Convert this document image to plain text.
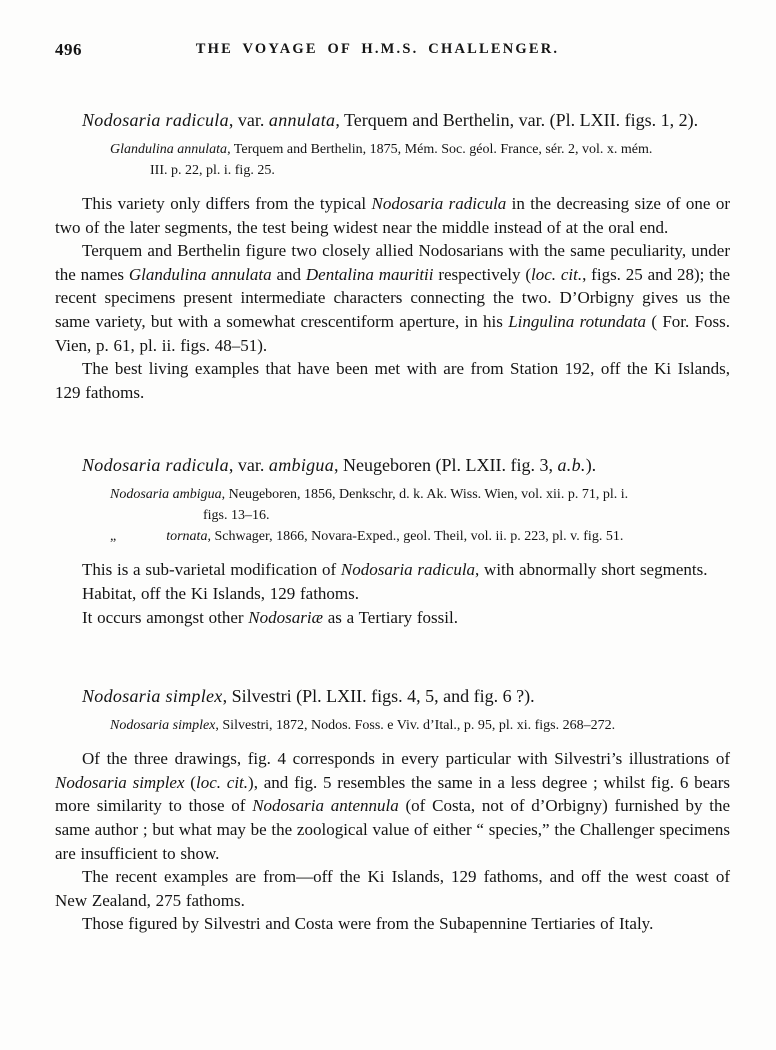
496	THE VOYAGE OF H.M.S. CHALLENGER.
Nodosaria radicula, var. annulata, Terquem and Berthelin, var. (Pl. LXII. figs. 1, 2).
Glandulina annulata, Terquem and Berthelin, 1875, Mém. Soc. géol. France, sér. 2, vol. x. mém.
III. p. 22, pl. i. fig. 25.

This variety only differs from the typical Nodosaria radicula in the decreasing size of one or two of the later segments, the test being widest near the middle instead of at the oral end.

Terquem and Berthelin figure two closely allied Nodosarians with the same peculiarity, under the names Glandulina annulata and Dentalina mauritii respectively (loc. cit., figs. 25 and 28); the recent specimens present intermediate characters connecting the two. D’Orbigny gives us the same variety, but with a somewhat crescentiform aperture, in his Lingulina rotundata ( For. Foss. Vien, p. 61, pl. ii. figs. 48–51).

The best living examples that have been met with are from Station 192, off the Ki Islands, 129 fathoms.

Nodosaria radicula, var. ambigua, Neugeboren (Pl. LXII. fig. 3, a.b.).
Nodosaria ambigua, Neugeboren, 1856, Denkschr, d. k. Ak. Wiss. Wien, vol. xii. p. 71, pl. i.
figs. 13–16.
„	tornata, Schwager, 1866, Novara-Exped., geol. Theil, vol. ii. p. 223, pl. v. fig. 51.

This is a sub-varietal modification of Nodosaria radicula, with abnormally short segments.

Habitat, off the Ki Islands, 129 fathoms.

It occurs amongst other Nodosariæ as a Tertiary fossil.

Nodosaria simplex, Silvestri (Pl. LXII. figs. 4, 5, and fig. 6 ?).
Nodosaria simplex, Silvestri, 1872, Nodos. Foss. e Viv. d’Ital., p. 95, pl. xi. figs. 268–272.

Of the three drawings, fig. 4 corresponds in every particular with Silvestri’s illustrations of Nodosaria simplex (loc. cit.), and fig. 5 resembles the same in a less degree ; whilst fig. 6 bears more similarity to those of Nodosaria antennula (of Costa, not of d’Orbigny) furnished by the same author ; but what may be the zoological value of either “ species,” the Challenger specimens are insufficient to show.

The recent examples are from—off the Ki Islands, 129 fathoms, and off the west coast of New Zealand, 275 fathoms.

Those figured by Silvestri and Costa were from the Subapennine Tertiaries of Italy.
